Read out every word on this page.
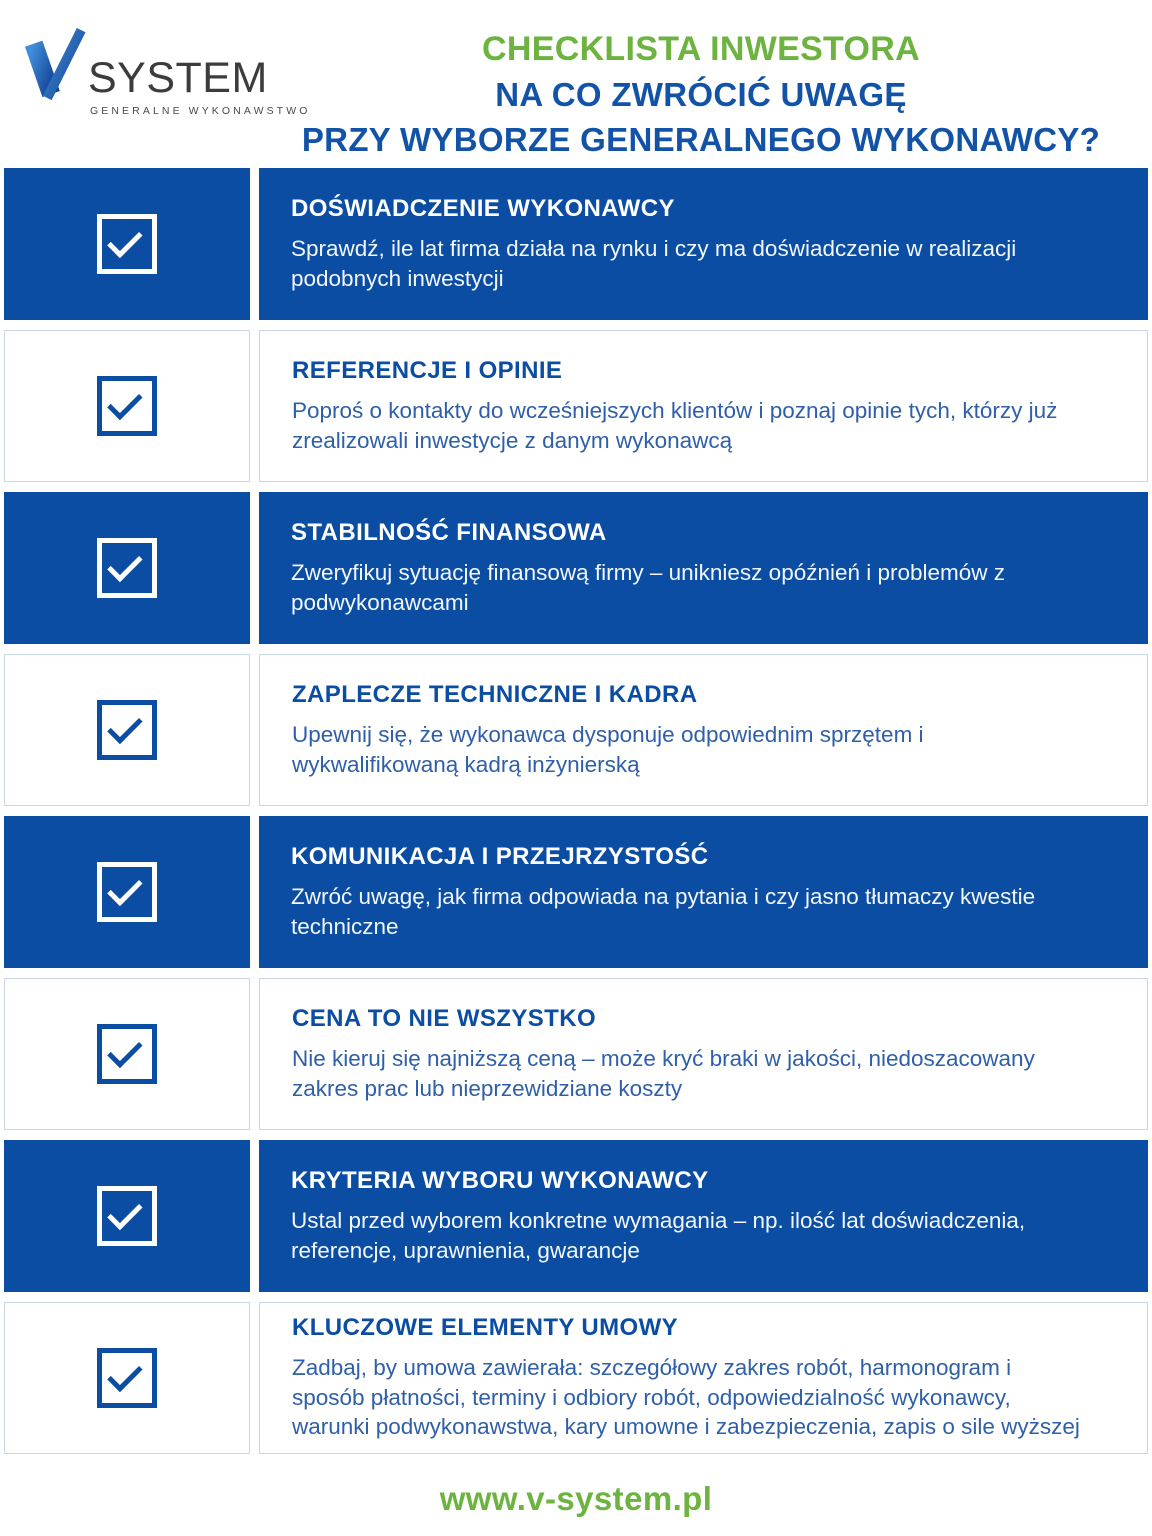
SYSTEM
GENERALNE WYKONAWSTWO
CHECKLISTA INWESTORA
NA CO ZWRÓCIĆ UWAGĘ
PRZY WYBORZE GENERALNEGO WYKONAWCY?
DOŚWIADCZENIE WYKONAWCY
Sprawdź, ile lat firma działa na rynku i czy ma doświadczenie w realizacji podobnych inwestycji
REFERENCJE I OPINIE
Poproś o kontakty do wcześniejszych klientów i poznaj opinie tych, którzy już zrealizowali inwestycje z danym wykonawcą
STABILNOŚĆ FINANSOWA
Zweryfikuj sytuację finansową firmy – unikniesz opóźnień i problemów z podwykonawcami
ZAPLECZE TECHNICZNE I KADRA
Upewnij się, że wykonawca dysponuje odpowiednim sprzętem i wykwalifikowaną kadrą inżynierską
KOMUNIKACJA I PRZEJRZYSTOŚĆ
Zwróć uwagę, jak firma odpowiada na pytania i czy jasno tłumaczy kwestie techniczne
CENA TO NIE WSZYSTKO
Nie kieruj się najniższą ceną – może kryć braki w jakości, niedoszacowany zakres prac lub nieprzewidziane koszty
KRYTERIA WYBORU WYKONAWCY
Ustal przed wyborem konkretne wymagania – np. ilość lat doświadczenia, referencje, uprawnienia, gwarancje
KLUCZOWE ELEMENTY UMOWY
Zadbaj, by umowa zawierała: szczegółowy zakres robót, harmonogram i sposób płatności, terminy i odbiory robót, odpowiedzialność wykonawcy, warunki podwykonawstwa, kary umowne i zabezpieczenia, zapis o sile wyższej
www.v-system.pl
